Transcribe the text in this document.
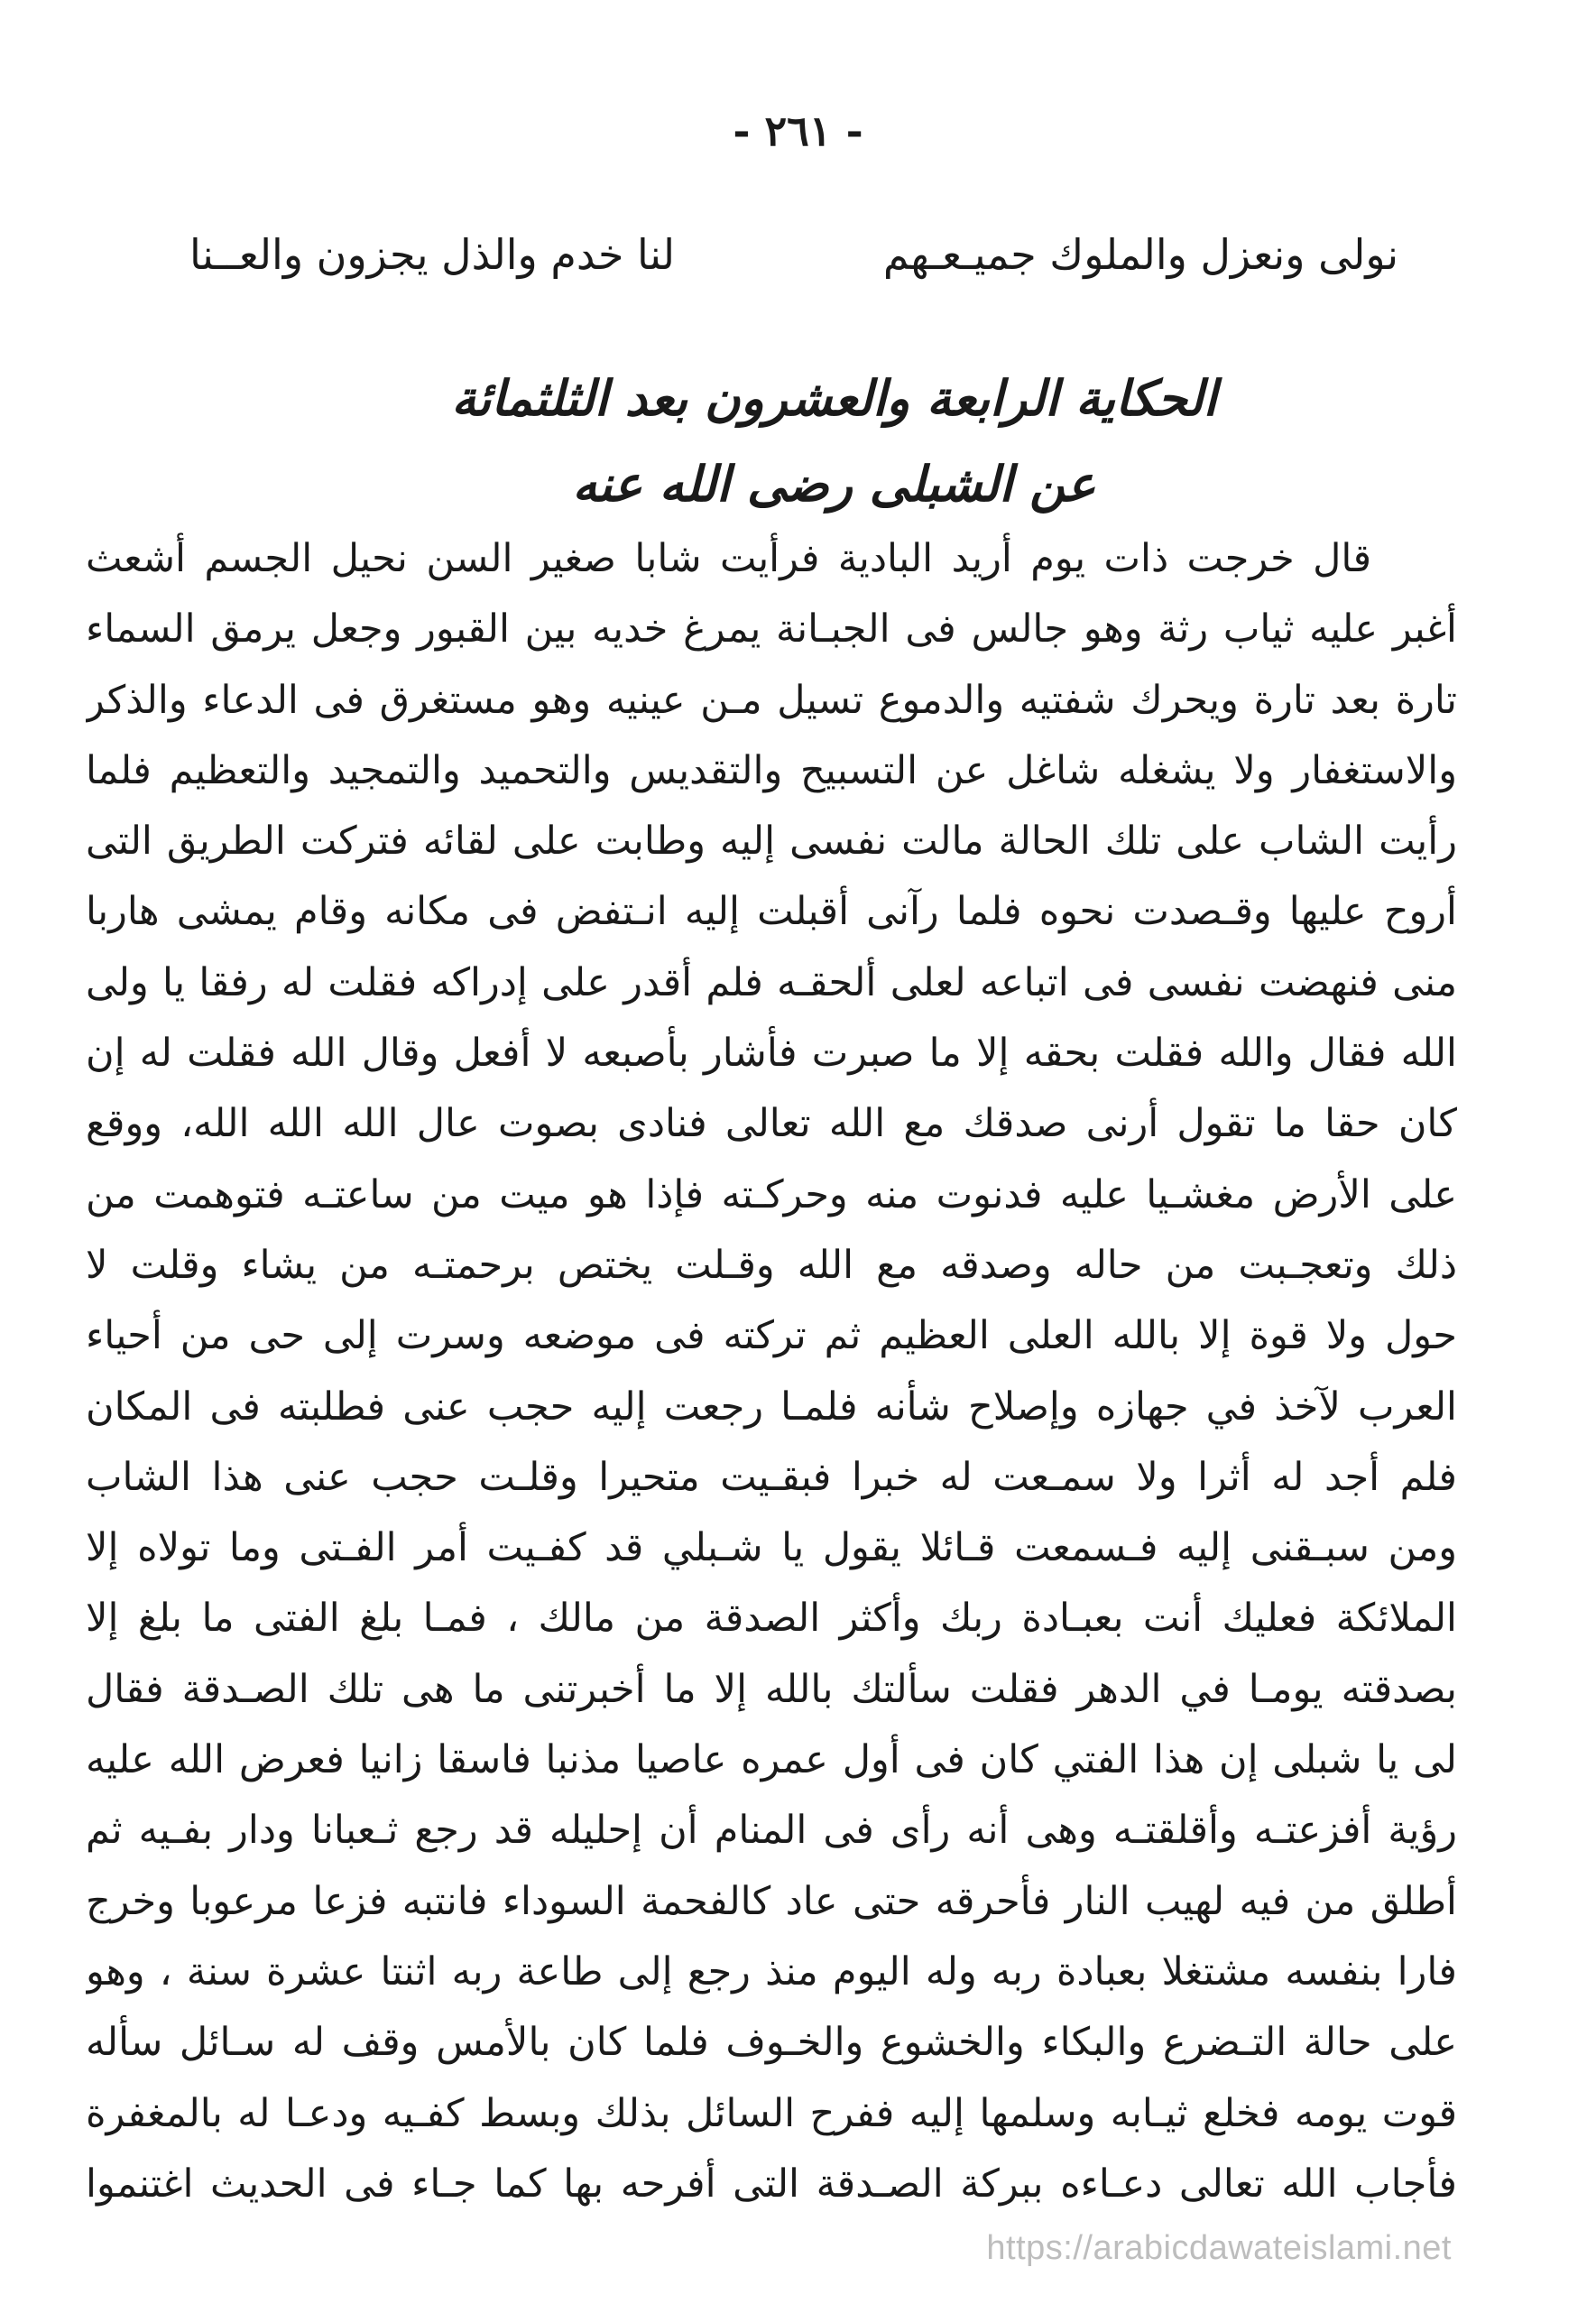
- ٢٦١ -
نولى ونعزل والملوك جميـعـهم
لنا خدم والذل يجزون والعــنا
الحكاية الرابعة والعشرون بعد الثلثمائة
عن الشبلى رضى الله عنه
قال خرجت ذات يوم أريد البادية فرأيت شابا صغير السن نحيل الجسم أشعث
أغبر عليه ثياب رثة وهو جالس فى الجبـانة يمرغ خديه بين القبور وجعل يرمق السماء
تارة بعد تارة ويحرك شفتيه والدموع تسيل مـن عينيه وهو مستغرق فى الدعاء والذكر
والاستغفار ولا يشغله شاغل عن التسبيح والتقديس والتحميد والتمجيد والتعظيم فلما
رأيت الشاب على تلك الحالة مالت نفسى إليه وطابت على لقائه فتركت الطريق التى
أروح عليها وقـصدت نحوه فلما رآنى أقبلت إليه انـتفض فى مكانه وقام يمشى هاربا
منى فنهضت نفسى فى اتباعه لعلى ألحقـه فلم أقدر على إدراكه فقلت له رفقا يا ولى
الله فقال والله فقلت بحقه إلا ما صبرت فأشار بأصبعه لا أفعل وقال الله فقلت له إن
كان حقا ما تقول أرنى صدقك مع الله تعالى فنادى بصوت عال الله الله الله، ووقع
على الأرض مغشـيا عليه فدنوت منه وحركـته فإذا هو ميت من ساعتـه فتوهمت من
ذلك وتعجـبت من حاله وصدقه مع الله وقـلت يختص برحمتـه من يشاء وقلت لا
حول ولا قوة إلا بالله العلى العظيم ثم تركته فى موضعه وسرت إلى حى من أحياء
العرب لآخذ في جهازه وإصلاح شأنه فلمـا رجعت إليه حجب عنى فطلبته فى المكان
فلم أجد له أثرا ولا سمـعت له خبرا فبقـيت متحيرا وقلـت حجب عنى هذا الشاب
ومن سبـقنى إليه فـسمعت قـائلا يقول يا شـبلي قد كفـيت أمر الفـتى وما تولاه إلا
الملائكة فعليك أنت بعبـادة ربك وأكثر الصدقة من مالك ، فمـا بلغ الفتى ما بلغ إلا
بصدقته يومـا في الدهر فقلت سألتك بالله إلا ما أخبرتنى ما هى تلك الصـدقة فقال
لى يا شبلى إن هذا الفتي كان فى أول عمره عاصيا مذنبا فاسقا زانيا فعرض الله عليه
رؤية أفزعتـه وأقلقتـه وهى أنه رأى فى المنام أن إحليله قد رجع ثـعبانا ودار بفـيه ثم
أطلق من فيه لهيب النار فأحرقه حتى عاد كالفحمة السوداء فانتبه فزعا مرعوبا وخرج
فارا بنفسه مشتغلا بعبادة ربه وله اليوم منذ رجع إلى طاعة ربه اثنتا عشرة سنة ، وهو
على حالة التـضرع والبكاء والخشوع والخـوف فلما كان بالأمس وقف له سـائل سأله
قوت يومه فخلع ثيـابه وسلمها إليه ففرح السائل بذلك وبسط كفـيه ودعـا له بالمغفرة
فأجاب الله تعالى دعـاءه ببركة الصـدقة التى أفرحه بها كما جـاء فى الحديث اغتنموا
https://arabicdawateislami.net
